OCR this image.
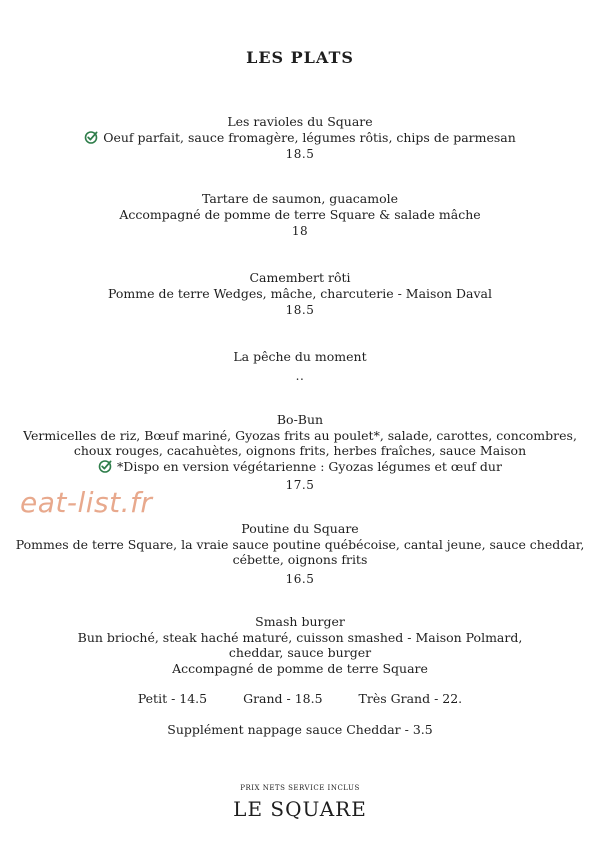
LES PLATS
Les ravioles du Square
Oeuf parfait, sauce fromagère, légumes rôtis, chips de parmesan
18.5
Tartare de saumon, guacamole
Accompagné de pomme de terre Square & salade mâche
18
Camembert rôti
Pomme de terre Wedges, mâche, charcuterie - Maison Daval
18.5
La pêche du moment
..
Bo-Bun
Vermicelles de riz, Bœuf mariné, Gyozas frits au poulet*, salade, carottes, concombres,
choux rouges, cacahuètes, oignons frits, herbes fraîches, sauce Maison
*Dispo en version végétarienne : Gyozas légumes et œuf dur
17.5
Poutine du Square
Pommes de terre Square, la vraie sauce poutine québécoise, cantal jeune, sauce cheddar,
cébette, oignons frits
16.5
Smash burger
Bun brioché, steak haché maturé, cuisson smashed - Maison Polmard,
cheddar, sauce burger
Accompagné de pomme de terre Square
Petit - 14.5	Grand - 18.5	Très Grand - 22.
Supplément nappage sauce Cheddar - 3.5
eat-list.fr
PRIX NETS SERVICE INCLUS
LE SQUARE
